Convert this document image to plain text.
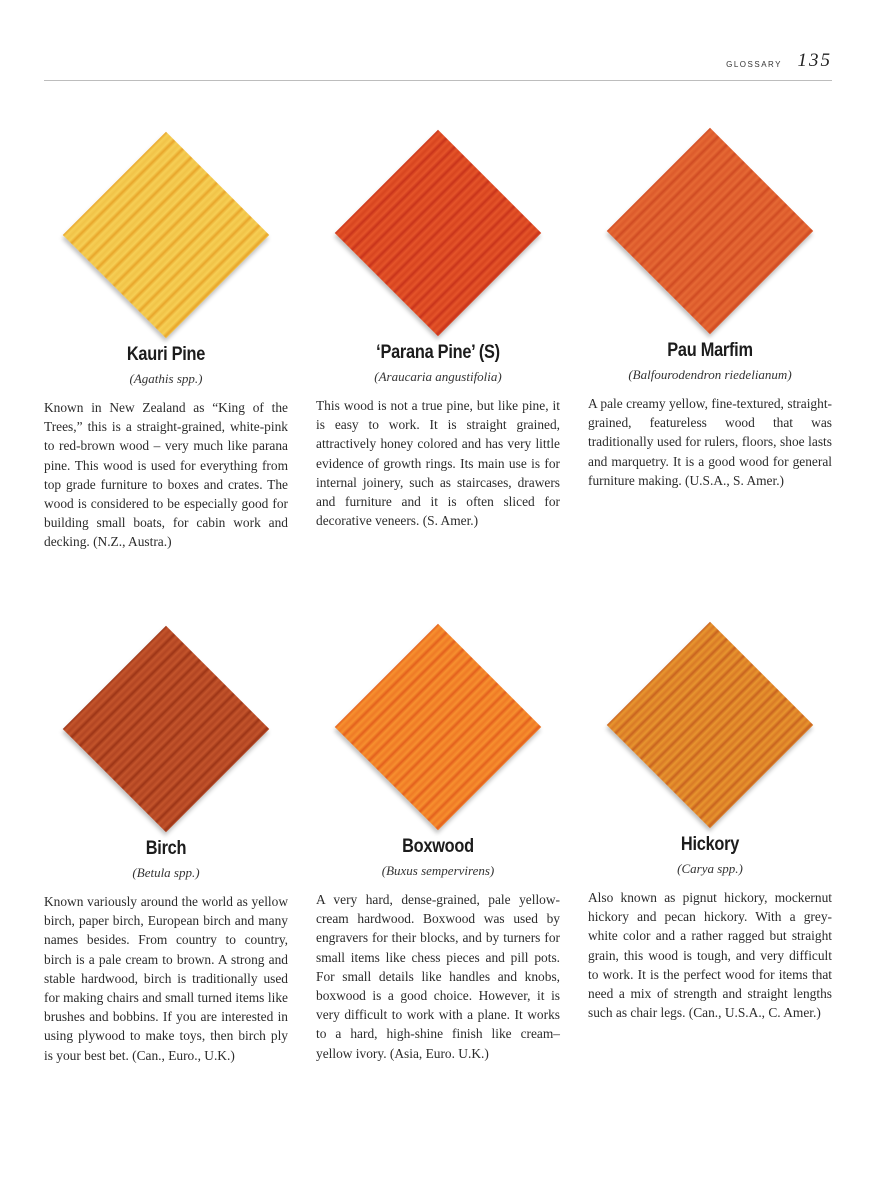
GLOSSARY 135
Kauri Pine
(Agathis spp.)
Known in New Zealand as “King of the Trees,” this is a straight-grained, white-pink to red-brown wood – very much like parana pine. This wood is used for everything from top grade furniture to boxes and crates. The wood is considered to be especially good for building small boats, for cabin work and decking. (N.Z., Austra.)
‘Parana Pine’ (S)
(Araucaria angustifolia)
This wood is not a true pine, but like pine, it is easy to work. It is straight grained, attractively honey colored and has very little evidence of growth rings. Its main use is for internal joinery, such as staircases, drawers and furniture and it is often sliced for decorative veneers. (S. Amer.)
Pau Marfim
(Balfourodendron riedelianum)
A pale creamy yellow, fine-textured, straight-grained, featureless wood that was traditionally used for rulers, floors, shoe lasts and marquetry. It is a good wood for general furniture making. (U.S.A., S. Amer.)
Birch
(Betula spp.)
Known variously around the world as yellow birch, paper birch, European birch and many names besides. From country to country, birch is a pale cream to brown. A strong and stable hardwood, birch is traditionally used for making chairs and small turned items like brushes and bobbins. If you are interested in using plywood to make toys, then birch ply is your best bet. (Can., Euro., U.K.)
Boxwood
(Buxus sempervirens)
A very hard, dense-grained, pale yellow-cream hardwood. Boxwood was used by engravers for their blocks, and by turners for small items like chess pieces and pill pots. For small details like handles and knobs, boxwood is a good choice. However, it is very difficult to work with a plane. It works to a hard, high-shine finish like cream–yellow ivory. (Asia, Euro. U.K.)
Hickory
(Carya spp.)
Also known as pignut hickory, mockernut hickory and pecan hickory. With a grey-white color and a rather ragged but straight grain, this wood is tough, and very difficult to work. It is the perfect wood for items that need a mix of strength and straight lengths such as chair legs. (Can., U.S.A., C. Amer.)
